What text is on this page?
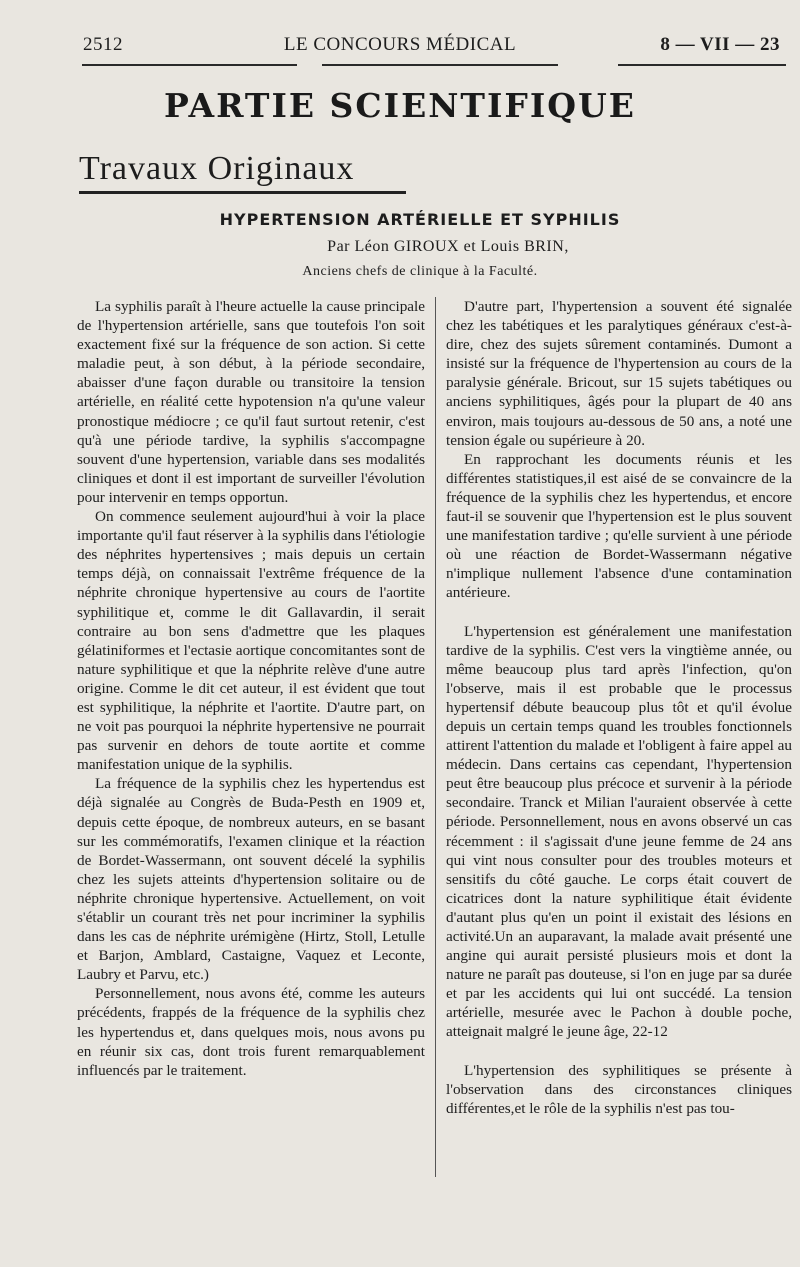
2512	LE CONCOURS MÉDICAL	8 — VII — 23
PARTIE SCIENTIFIQUE
Travaux Originaux
HYPERTENSION ARTÉRIELLE ET SYPHILIS
Par Léon GIROUX et Louis BRIN,
Anciens chefs de clinique à la Faculté.

La syphilis paraît à l'heure actuelle la cause principale de l'hypertension artérielle, sans que toutefois l'on soit exactement fixé sur la fréquence de son action. Si cette maladie peut, à son début, à la période secondaire, abaisser d'une façon durable ou transitoire la tension artérielle, en réalité cette hypotension n'a qu'une valeur pronostique médiocre ; ce qu'il faut surtout retenir, c'est qu'à une période tardive, la syphilis s'accompagne souvent d'une hypertension, variable dans ses modalités cliniques et dont il est important de surveiller l'évolution pour intervenir en temps opportun.

On commence seulement aujourd'hui à voir la place importante qu'il faut réserver à la syphilis dans l'étiologie des néphrites hypertensives ; mais depuis un certain temps déjà, on connaissait l'extrême fréquence de la néphrite chronique hypertensive au cours de l'aortite syphilitique et, comme le dit Gallavardin, il serait contraire au bon sens d'admettre que les plaques gélatiniformes et l'ectasie aortique concomitantes sont de nature syphilitique et que la néphrite relève d'une autre origine. Comme le dit cet auteur, il est évident que tout est syphilitique, la néphrite et l'aortite. D'autre part, on ne voit pas pourquoi la néphrite hypertensive ne pourrait pas survenir en dehors de toute aortite et comme manifestation unique de la syphilis.

La fréquence de la syphilis chez les hypertendus est déjà signalée au Congrès de Buda-Pesth en 1909 et, depuis cette époque, de nombreux auteurs, en se basant sur les commémoratifs, l'examen clinique et la réaction de Bordet-Wassermann, ont souvent décelé la syphilis chez les sujets atteints d'hypertension solitaire ou de néphrite chronique hypertensive. Actuellement, on voit s'établir un courant très net pour incriminer la syphilis dans les cas de néphrite urémigène (Hirtz, Stoll, Letulle et Barjon, Amblard, Castaigne, Vaquez et Leconte, Laubry et Parvu, etc.)

Personnellement, nous avons été, comme les auteurs précédents, frappés de la fréquence de la syphilis chez les hypertendus et, dans quelques mois, nous avons pu en réunir six cas, dont trois furent remarquablement influencés par le traitement.

D'autre part, l'hypertension a souvent été signalée chez les tabétiques et les paralytiques généraux c'est-à-dire, chez des sujets sûrement contaminés. Dumont a insisté sur la fréquence de l'hypertension au cours de la paralysie générale. Bricout, sur 15 sujets tabétiques ou anciens syphilitiques, âgés pour la plupart de 40 ans environ, mais toujours au-dessous de 50 ans, a noté une tension égale ou supérieure à 20.

En rapprochant les documents réunis et les différentes statistiques,il est aisé de se convaincre de la fréquence de la syphilis chez les hypertendus, et encore faut-il se souvenir que l'hypertension est le plus souvent une manifestation tardive ; qu'elle survient à une période où une réaction de Bordet-Wassermann négative n'implique nullement l'absence d'une contamination antérieure.

L'hypertension est généralement une manifestation tardive de la syphilis. C'est vers la vingtième année, ou même beaucoup plus tard après l'infection, qu'on l'observe, mais il est probable que le processus hypertensif débute beaucoup plus tôt et qu'il évolue depuis un certain temps quand les troubles fonctionnels attirent l'attention du malade et l'obligent à faire appel au médecin. Dans certains cas cependant, l'hypertension peut être beaucoup plus précoce et survenir à la période secondaire. Tranck et Milian l'auraient observée à cette période. Personnellement, nous en avons observé un cas récemment : il s'agissait d'une jeune femme de 24 ans qui vint nous consulter pour des troubles moteurs et sensitifs du côté gauche. Le corps était couvert de cicatrices dont la nature syphilitique était évidente d'autant plus qu'en un point il existait des lésions en activité.Un an auparavant, la malade avait présenté une angine qui aurait persisté plusieurs mois et dont la nature ne paraît pas douteuse, si l'on en juge par sa durée et par les accidents qui lui ont succédé. La tension artérielle, mesurée avec le Pachon à double poche, atteignait malgré le jeune âge, 22-12

L'hypertension des syphilitiques se présente à l'observation dans des circonstances cliniques différentes,et le rôle de la syphilis n'est pas tou-
